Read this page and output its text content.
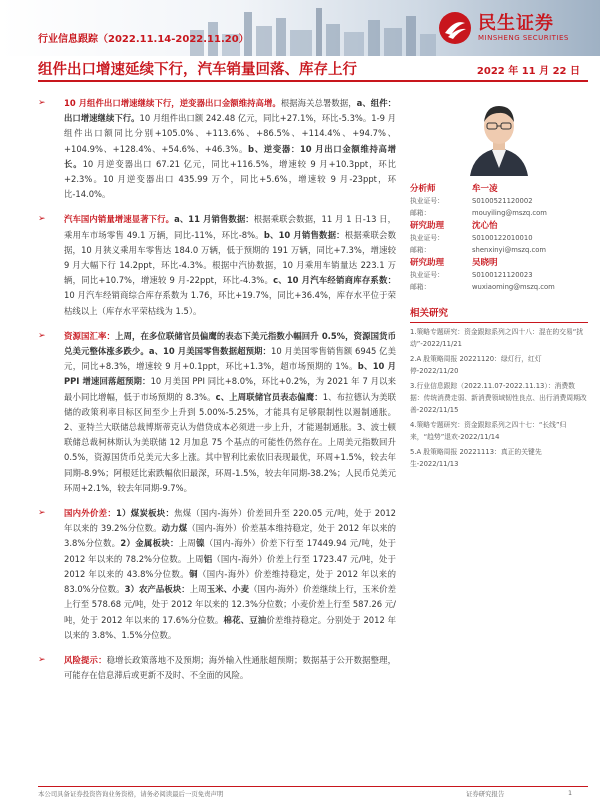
行业信息跟踪（2022.11.14-2022.11.20）
民生证券
MINSHENG SECURITIES
组件出口增速延续下行，汽车销量回落、库存上行	2022 年 11 月 22 日
➢ 10 月组件出口增速继续下行，逆变器出口金额维持高增。根据海关总署数据，a、组件：出口增速继续下行。10 月组件出口额 242.48 亿元，同比+27.1%，环比-5.3%。1-9 月组件出口额同比分别+105.0%、+113.6%、+86.5%、+114.4%、+94.7%、+104.9%、+128.4%、+54.6%、+46.3%。b、逆变器：10 月出口金额维持高增长。10 月逆变器出口 67.21 亿元，同比+116.5%，增速较 9 月+10.3ppt，环比+2.3%。10 月逆变器出口 435.99 万个，同比+5.6%，增速较 9 月-23ppt，环比-14.0%。
➢ 汽车国内销量增速显著下行。a、11 月销售数据：根据乘联会数据，11 月 1 日-13 日，乘用车市场零售 49.1 万辆，同比-11%，环比-8%。b、10 月销售数据：根据乘联会数据，10 月狭义乘用车零售达 184.0 万辆，低于预期的 191 万辆，同比+7.3%，增速较 9 月大幅下行 14.2ppt，环比-4.3%。根据中汽协数据，10 月乘用车销量达 223.1 万辆，同比+10.7%，增速较 9 月-22ppt，环比-4.3%。c、10 月汽车经销商库存系数：10 月汽车经销商综合库存系数为 1.76，环比+19.7%，同比+36.4%，库存水平位于荣枯线以上（库存水平荣枯线为 1.5）。
➢ 资源国汇率：上周，在多位联储官员偏鹰的表态下美元指数小幅回升 0.5%，资源国货币兑美元整体涨多跌少。a、10 月美国零售数据超预期：10 月美国零售销售额 6945 亿美元，同比+8.3%，增速较 9 月+0.1ppt，环比+1.3%，超市场预期的 1%。b、10 月 PPI 增速回落超预期：10 月美国 PPI 同比+8.0%，环比+0.2%，为 2021 年 7 月以来最小同比增幅，低于市场预期的 8.3%。c、上周联储官员表态偏鹰：1、布拉德认为美联储的政策利率目标区间至少上升到 5.00%-5.25%，才能具有足够限制性以遏制通胀。2、亚特兰大联储总裁博斯蒂克认为借贷成本必须进一步上升，才能遏制通胀。3、波士顿联储总裁柯林斯认为美联储 12 月加息 75 个基点的可能性仍然存在。上周美元指数回升 0.5%，资源国货币兑美元大多上涨。其中智利比索依旧表现最优，环周+1.5%，较去年同期-8.9%；阿根廷比索跌幅依旧最深，环周-1.5%，较去年同期-38.2%；人民币兑美元环周+2.1%，较去年同期-9.7%。
➢ 国内外价差：1）煤炭板块：焦煤（国内-海外）价差回升至 220.05 元/吨，处于 2012 年以来的 39.2%分位数。动力煤（国内-海外）价差基本维持稳定，处于 2012 年以来的 3.8%分位数。2）金属板块：上周镍（国内-海外）价差下行至 17449.94 元/吨，处于 2012 年以来的 78.2%分位数。上周铝（国内-海外）价差上行至 1723.47 元/吨，处于 2012 年以来的 43.8%分位数。铜（国内-海外）价差维持稳定，处于 2012 年以来的 83.0%分位数。3）农产品板块：上周玉米、小麦（国内-海外）价差继续上行，玉米价差上行至 578.68 元/吨，处于 2012 年以来的 12.3%分位数；小麦价差上行至 587.26 元/吨，处于 2012 年以来的 17.6%分位数。棉花、豆油价差维持稳定。分别处于 2012 年以来的 3.8%、1.5%分位数。
➢ 风险提示：稳增长政策落地不及预期；海外输入性通胀超预期；数据基于公开数据整理，可能存在信息滞后或更新不及时、不全面的风险。
分析师	牟一凌
执业证号：	S0100521120002
邮箱：	mouyiling@mszq.com
研究助理	沈心怡
执业证号：	S0100122010010
邮箱：	shenxinyi@mszq.com
研究助理	吴晓明
执业证号：	S0100121120023
邮箱：	wuxiaoming@mszq.com
相关研究
1.策略专题研究：资金跟踪系列之四十八：混在的交易“扰动”-2022/11/21
2.A 股策略周报 20221120：绿灯行，红灯停-2022/11/20
3.行业信息跟踪（2022.11.07-2022.11.13）：消费数据：传统消费走弱、新消费领域韧性良点、出行消费周期改善-2022/11/15
4.策略专题研究：资金跟踪系列之四十七：“长线”归来，“趋势”退欢-2022/11/14
5.A 股策略周报 20221113：真正的关键先生-2022/11/13
本公司具备证券投资咨询业务资格，请务必阅读最后一页免责声明	证券研究报告	1
